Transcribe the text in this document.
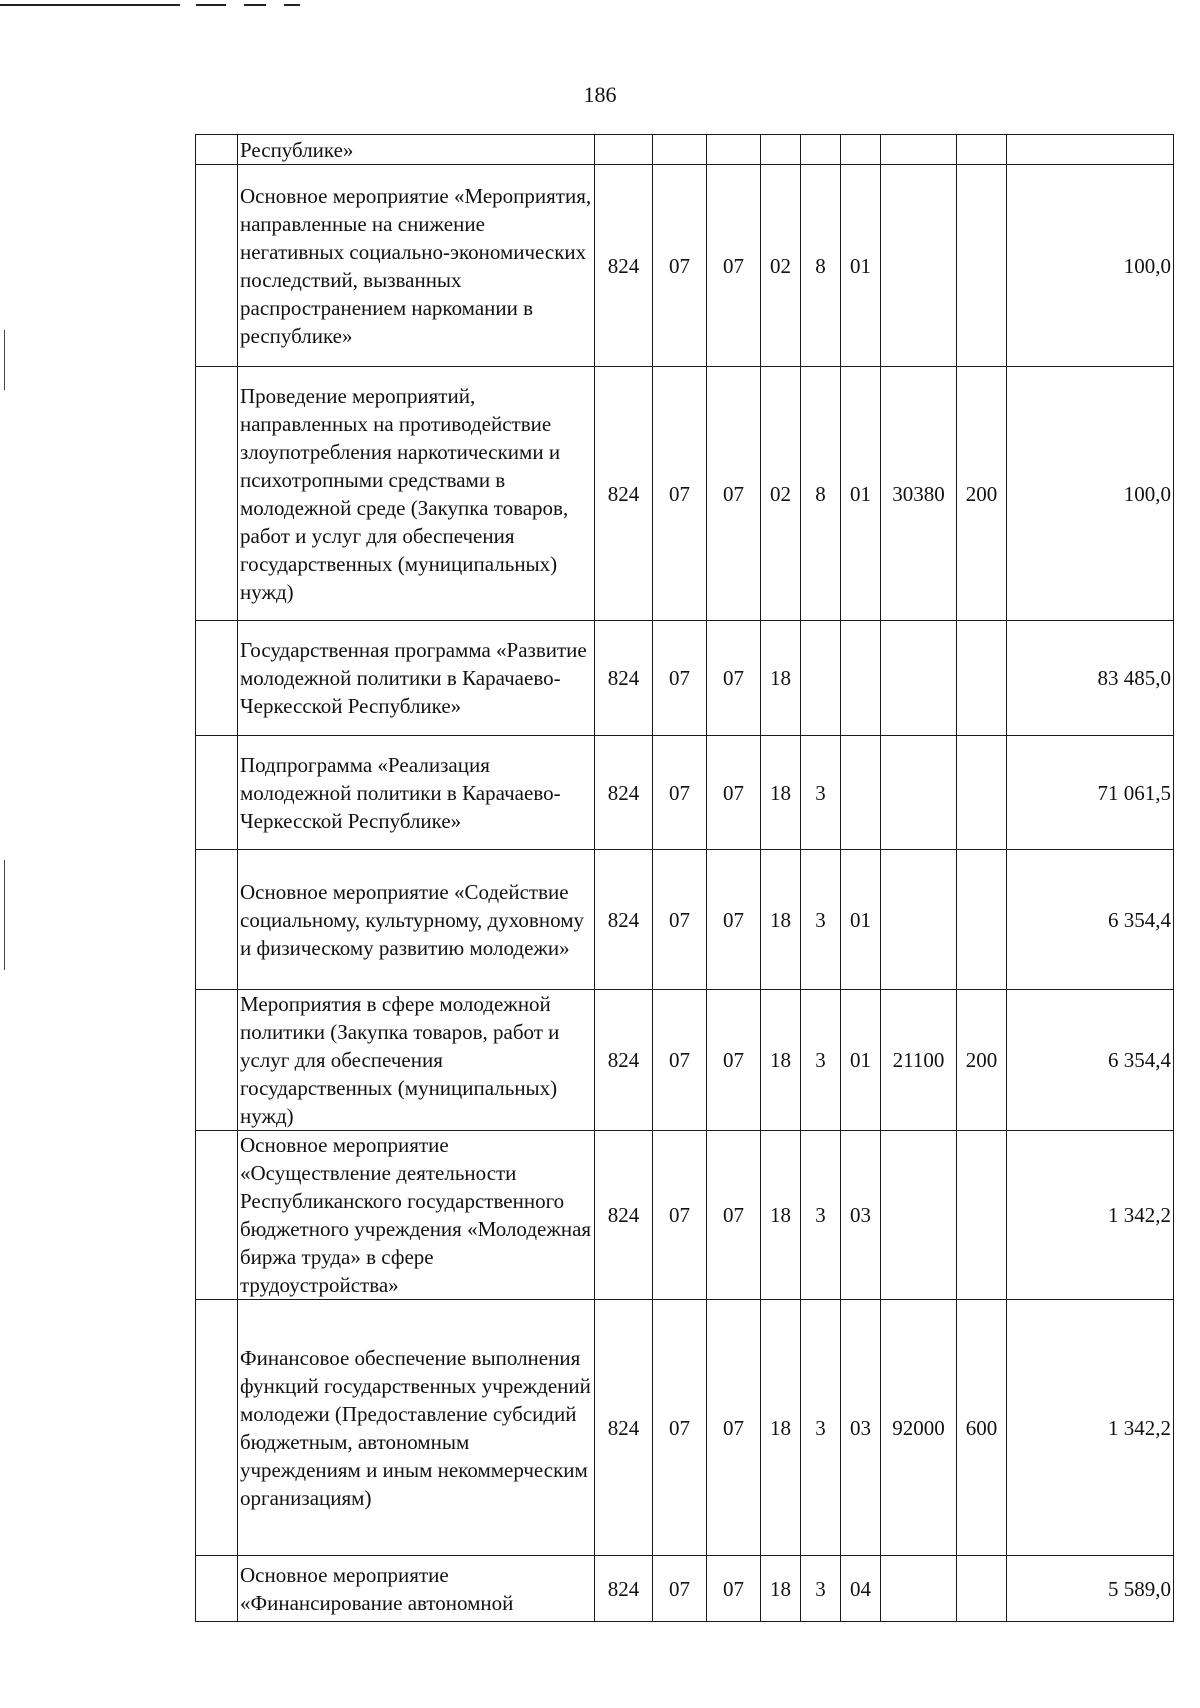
186
	Республике»									
	Основное мероприятие «Мероприятия, направленные на снижение негативных социально-экономических последствий, вызванных распространением наркомании в республике»	824	07	07	02	8	01			100,0
	Проведение мероприятий, направленных на противодействие злоупотребления наркотическими и психотропными средствами в молодежной среде (Закупка товаров, работ и услуг для обеспечения государственных (муниципальных) нужд)	824	07	07	02	8	01	30380	200	100,0
	Государственная программа «Развитие молодежной политики в Карачаево-Черкесской Республике»	824	07	07	18					83 485,0
	Подпрограмма «Реализация молодежной политики в Карачаево-Черкесской Республике»	824	07	07	18	3				71 061,5
	Основное мероприятие «Содействие социальному, культурному, духовному и физическому развитию молодежи»	824	07	07	18	3	01			6 354,4
	Мероприятия в сфере молодежной политики (Закупка товаров, работ и услуг для обеспечения государственных (муниципальных) нужд)	824	07	07	18	3	01	21100	200	6 354,4
	Основное мероприятие «Осуществление деятельности Республиканского государственного бюджетного учреждения «Молодежная биржа труда» в сфере трудоустройства»	824	07	07	18	3	03			1 342,2
	Финансовое обеспечение выполнения функций государственных учреждений молодежи (Предоставление субсидий бюджетным, автономным учреждениям и иным некоммерческим организациям)	824	07	07	18	3	03	92000	600	1 342,2
	Основное мероприятие «Финансирование автономной	824	07	07	18	3	04			5 589,0
